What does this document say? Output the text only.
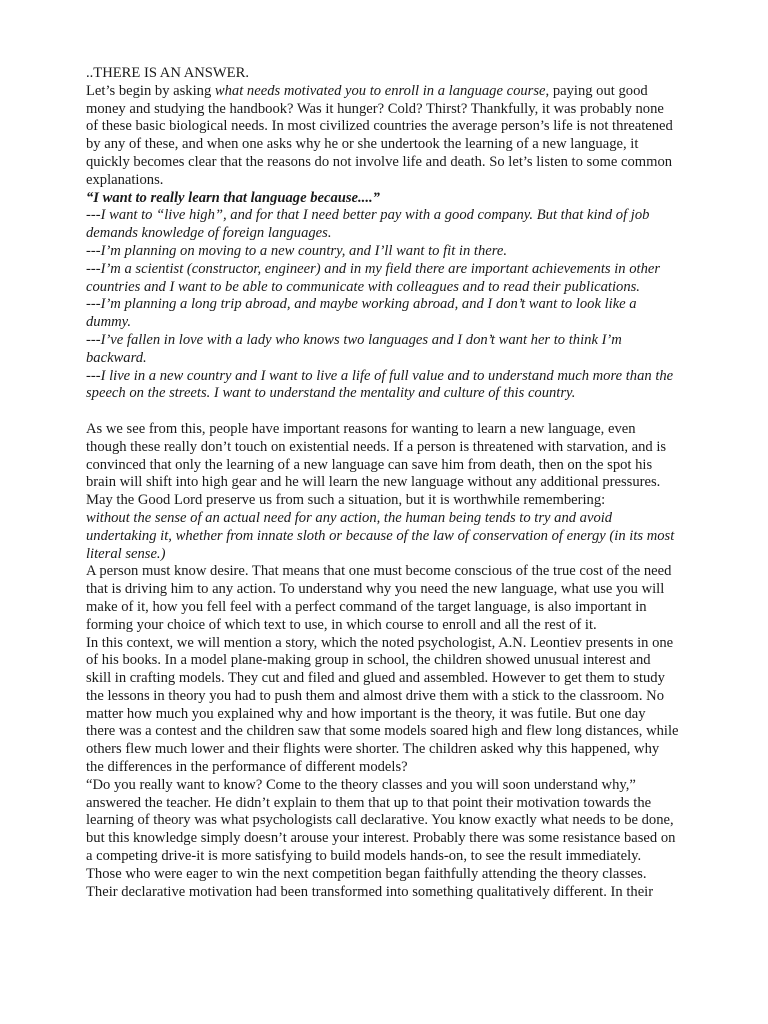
..THERE IS AN ANSWER.
Let’s begin by asking what needs motivated you to enroll in a language course, paying out good
money and studying the handbook? Was it hunger? Cold? Thirst? Thankfully, it was probably none
of these basic biological needs. In most civilized countries the average person’s life is not threatened
by any of these, and when one asks why he or she undertook the learning of a new language, it
quickly becomes clear that the reasons do not involve life and death. So let’s listen to some common
explanations.
“I want to really learn that language because....”
---I want to “live high”, and for that I need better pay with a good company. But that kind of job
demands knowledge of foreign languages.
---I’m planning on moving to a new country, and I’ll want to fit in there.
---I’m a scientist (constructor, engineer) and in my field there are important achievements in other
countries and I want to be able to communicate with colleagues and to read their publications.
---I’m planning a long trip abroad, and maybe working abroad, and I don’t want to look like a
dummy.
---I’ve fallen in love with a lady who knows two languages and I don’t want her to think I’m
backward.
---I live in a new country and I want to live a life of full value and to understand much more than the
speech on the streets. I want to understand the mentality and culture of this country.
As we see from this, people have important reasons for wanting to learn a new language, even
though these really don’t touch on existential needs. If a person is threatened with starvation, and is
convinced that only the learning of a new language can save him from death, then on the spot his
brain will shift into high gear and he will learn the new language without any additional pressures.
May the Good Lord preserve us from such a situation, but it is worthwhile remembering:
without the sense of an actual need for any action, the human being tends to try and avoid
undertaking it, whether from innate sloth or because of the law of conservation of energy (in its most
literal sense.)
A person must know desire. That means that one must become conscious of the true cost of the need
that is driving him to any action. To understand why you need the new language, what use you will
make of it, how you fell feel with a perfect command of the target language, is also important in
forming your choice of which text to use, in which course to enroll and all the rest of it.
In this context, we will mention a story, which the noted psychologist, A.N. Leontiev presents in one
of his books. In a model plane-making group in school, the children showed unusual interest and
skill in crafting models. They cut and filed and glued and assembled. However to get them to study
the lessons in theory you had to push them and almost drive them with a stick to the classroom. No
matter how much you explained why and how important is the theory, it was futile. But one day
there was a contest and the children saw that some models soared high and flew long distances, while
others flew much lower and their flights were shorter. The children asked why this happened, why
the differences in the performance of different models?
“Do you really want to know? Come to the theory classes and you will soon understand why,”
answered the teacher. He didn’t explain to them that up to that point their motivation towards the
learning of theory was what psychologists call declarative. You know exactly what needs to be done,
but this knowledge simply doesn’t arouse your interest. Probably there was some resistance based on
a competing drive-it is more satisfying to build models hands-on, to see the result immediately.
Those who were eager to win the next competition began faithfully attending the theory classes.
Their declarative motivation had been transformed into something qualitatively different. In their
